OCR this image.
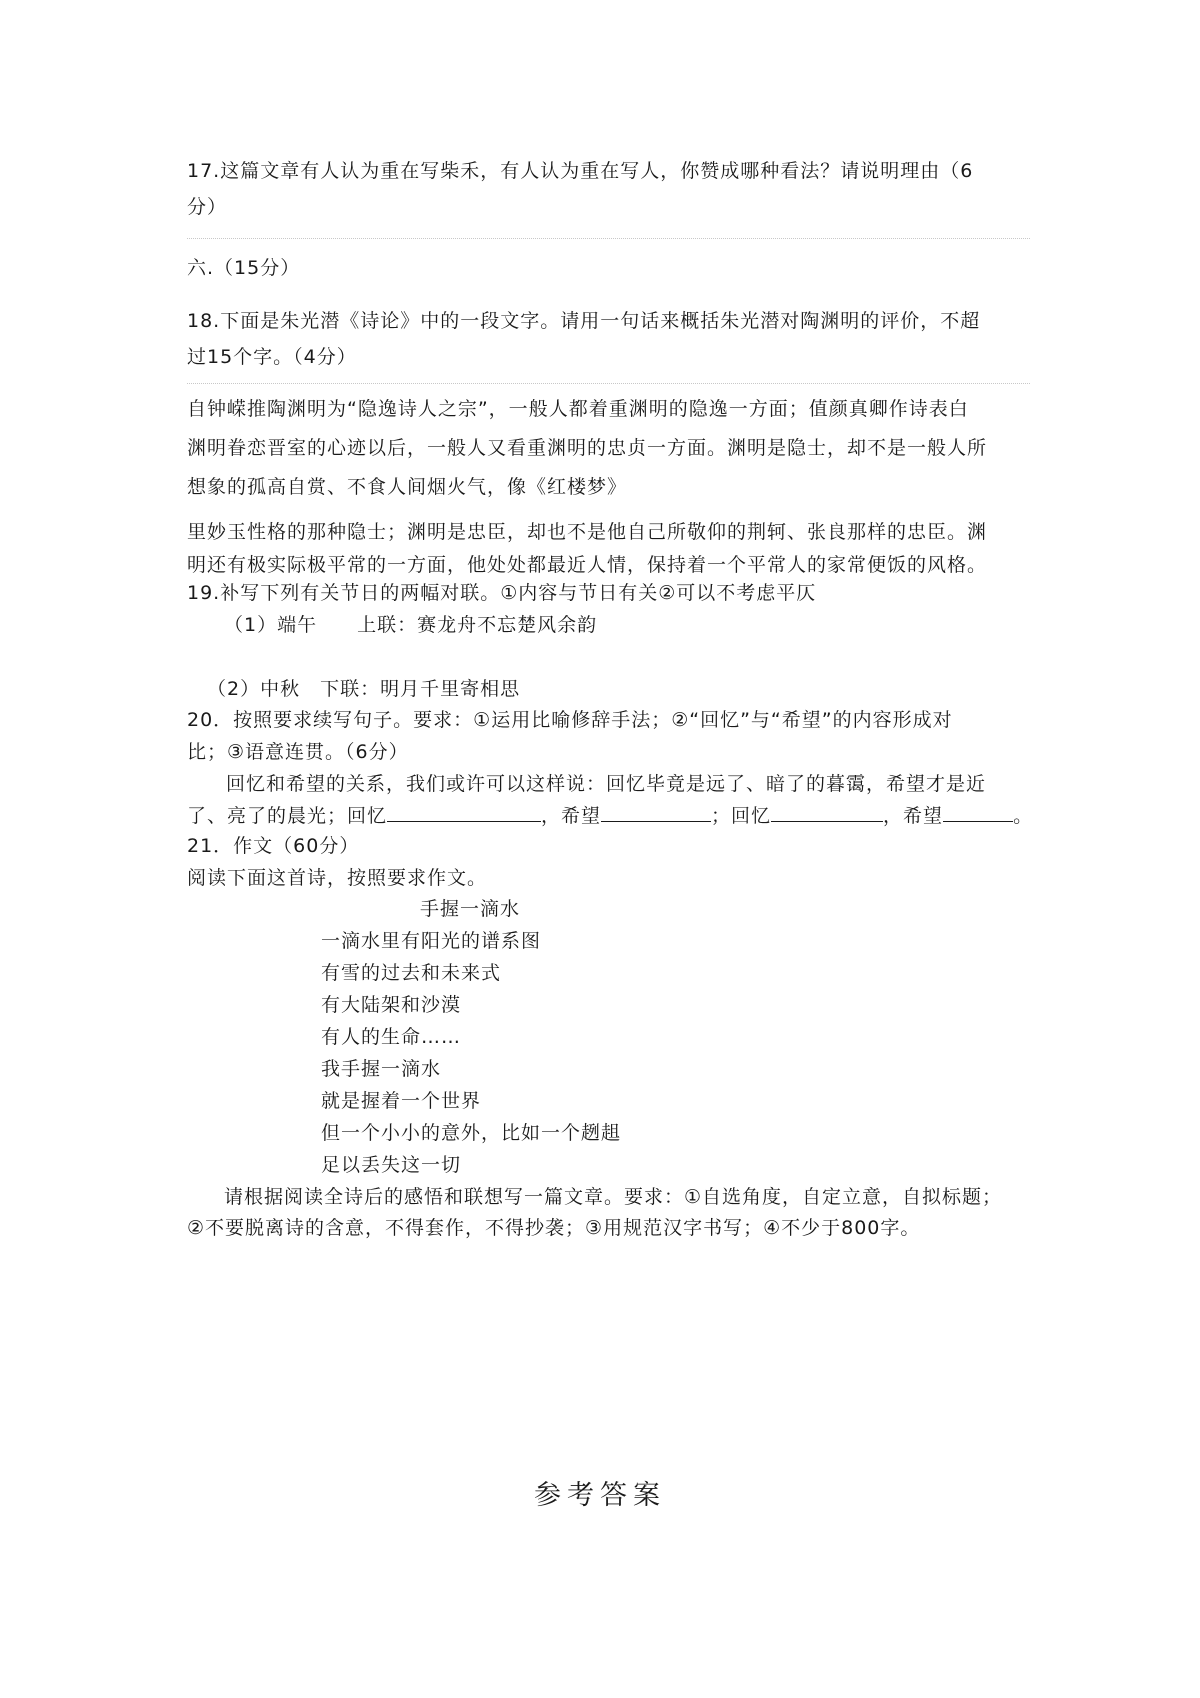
17.这篇文章有人认为重在写柴禾，有人认为重在写人，你赞成哪种看法？请说明理由（6
分）
六.（15分）
18.下面是朱光潜《诗论》中的一段文字。请用一句话来概括朱光潜对陶渊明的评价，不超
过15个字。（4分）
自钟嵘推陶渊明为“隐逸诗人之宗”，一般人都着重渊明的隐逸一方面；值颜真卿作诗表白
渊明眷恋晋室的心迹以后，一般人又看重渊明的忠贞一方面。渊明是隐士，却不是一般人所
想象的孤高自赏、不食人间烟火气，像《红楼梦》
里妙玉性格的那种隐士；渊明是忠臣，却也不是他自己所敬仰的荆轲、张良那样的忠臣。渊
明还有极实际极平常的一方面，他处处都最近人情，保持着一个平常人的家常便饭的风格。
19.补写下列有关节日的两幅对联。①内容与节日有关②可以不考虑平仄
（1）端午　　上联：赛龙舟不忘楚风余韵
（2）中秋　下联：明月千里寄相思
20．按照要求续写句子。要求：①运用比喻修辞手法；②“回忆”与“希望”的内容形成对
比；③语意连贯。（6分）
回忆和希望的关系，我们或许可以这样说：回忆毕竟是远了、暗了的暮霭，希望才是近
了、亮了的晨光；回忆	，希望	；回忆	，希望	。
21．作文（60分）
阅读下面这首诗，按照要求作文。
手握一滴水
一滴水里有阳光的谱系图
有雪的过去和未来式
有大陆架和沙漠
有人的生命……
我手握一滴水
就是握着一个世界
但一个小小的意外，比如一个趔趄
足以丢失这一切
请根据阅读全诗后的感悟和联想写一篇文章。要求：①自选角度，自定立意，自拟标题；
②不要脱离诗的含意，不得套作，不得抄袭；③用规范汉字书写；④不少于800字。
参考答案
